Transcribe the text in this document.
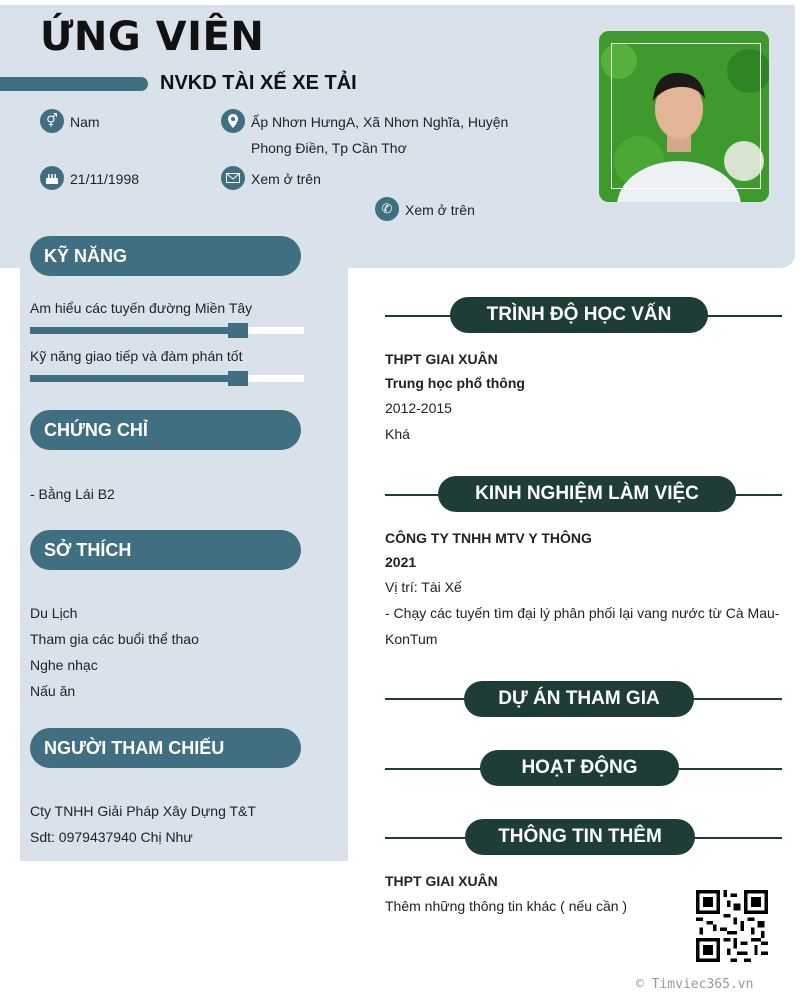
ỨNG VIÊN
NVKD TÀI XẾ XE TẢI
⚥ Nam	Ấp Nhơn HưngA, Xã Nhơn Nghĩa, Huyện
Phong Điền, Tp Cần Thơ
21/11/1998	Xem ở trên
✆ Xem ở trên
KỸ NĂNG
Am hiểu các tuyến đường Miền Tây
Kỹ năng giao tiếp và đàm phán tốt
CHỨNG CHỈ
- Bằng Lái B2
SỞ THÍCH
Du Lịch
Tham gia các buổi thể thao
Nghe nhạc
Nấu ăn
NGƯỜI THAM CHIẾU
Cty TNHH Giải Pháp Xây Dựng T&T
Sdt: 0979437940 Chị Như
TRÌNH ĐỘ HỌC VẤN
THPT GIAI XUÂN
Trung học phổ thông
2012-2015
Khá
KINH NGHIỆM LÀM VIỆC
CÔNG TY TNHH MTV Y THÔNG
2021
Vị trí: Tài Xế
- Chạy các tuyến tìm đại lý phân phối lại vang nước từ Cà Mau-
KonTum
DỰ ÁN THAM GIA
HOẠT ĐỘNG
THÔNG TIN THÊM
THPT GIAI XUÂN
Thêm những thông tin khác ( nếu cần )
© Timviec365.vn
